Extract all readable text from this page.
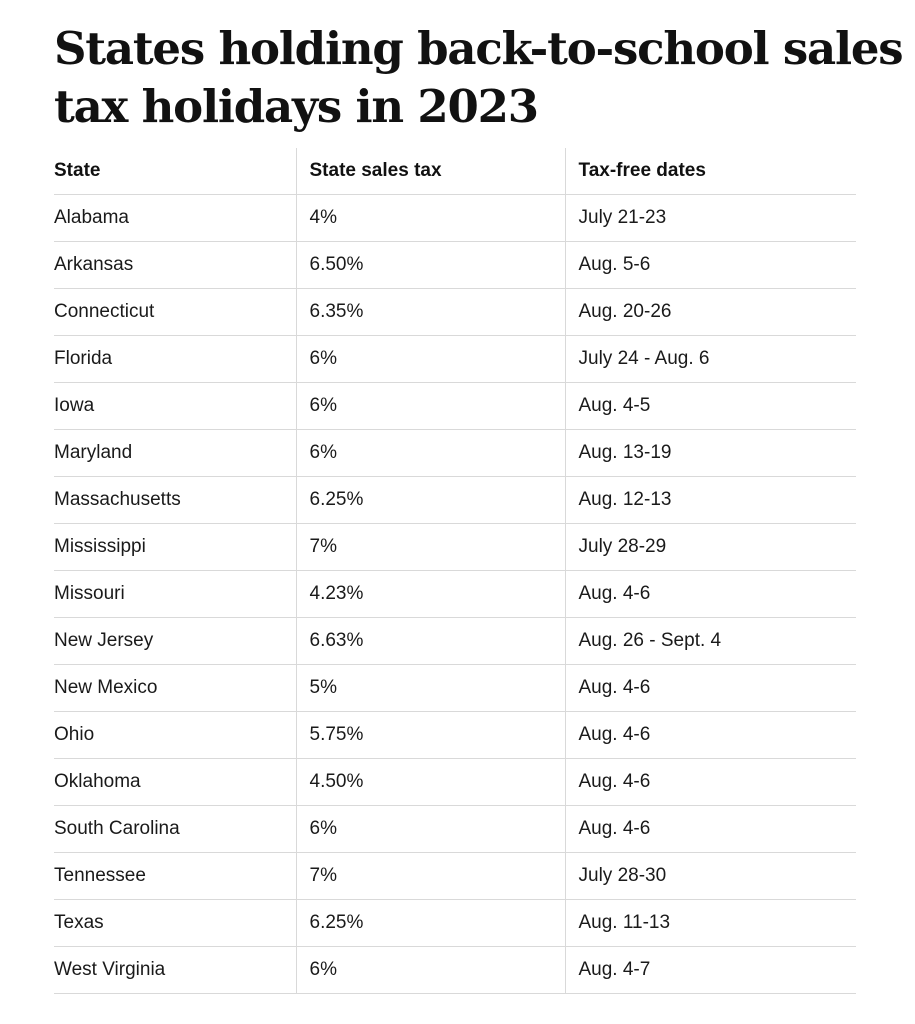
States holding back-to-school sales
tax holidays in 2023
State	State sales tax	Tax-free dates
Alabama	4%	July 21-23
Arkansas	6.50%	Aug. 5-6
Connecticut	6.35%	Aug. 20-26
Florida	6%	July 24 - Aug. 6
Iowa	6%	Aug. 4-5
Maryland	6%	Aug. 13-19
Massachusetts	6.25%	Aug. 12-13
Mississippi	7%	July 28-29
Missouri	4.23%	Aug. 4-6
New Jersey	6.63%	Aug. 26 - Sept. 4
New Mexico	5%	Aug. 4-6
Ohio	5.75%	Aug. 4-6
Oklahoma	4.50%	Aug. 4-6
South Carolina	6%	Aug. 4-6
Tennessee	7%	July 28-30
Texas	6.25%	Aug. 11-13
West Virginia	6%	Aug. 4-7
